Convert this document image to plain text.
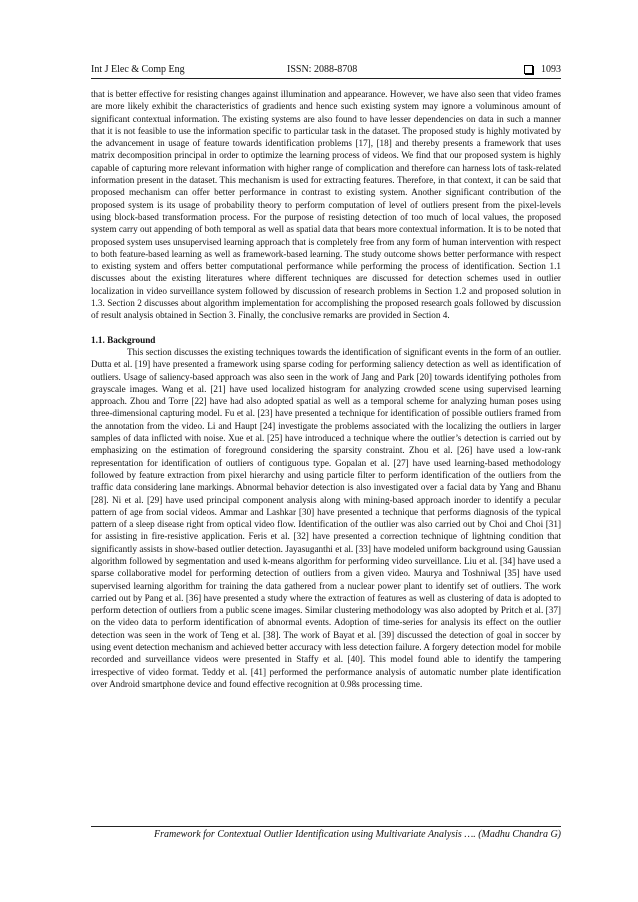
Int J Elec & Comp Eng	ISSN: 2088-8708	1093

that is better effective for resisting changes against illumination and appearance. However, we have also seen that video frames are more likely exhibit the characteristics of gradients and hence such existing system may ignore a voluminous amount of significant contextual information. The existing systems are also found to have lesser dependencies on data in such a manner that it is not feasible to use the information specific to particular task in the dataset. The proposed study is highly motivated by the advancement in usage of feature towards identification problems [17], [18] and thereby presents a framework that uses matrix decomposition principal in order to optimize the learning process of videos. We find that our proposed system is highly capable of capturing more relevant information with higher range of complication and therefore can harness lots of task-related information present in the dataset. This mechanism is used for extracting features. Therefore, in that context, it can be said that proposed mechanism can offer better performance in contrast to existing system. Another significant contribution of the proposed system is its usage of probability theory to perform computation of level of outliers present from the pixel-levels using block-based transformation process. For the purpose of resisting detection of too much of local values, the proposed system carry out appending of both temporal as well as spatial data that bears more contextual information. It is to be noted that proposed system uses unsupervised learning approach that is completely free from any form of human intervention with respect to both feature-based learning as well as framework-based learning. The study outcome shows better performance with respect to existing system and offers better computational performance while performing the process of identification. Section 1.1 discusses about the existing literatures where different techniques are discussed for detection schemes used in outlier localization in video surveillance system followed by discussion of research problems in Section 1.2 and proposed solution in 1.3. Section 2 discusses about algorithm implementation for accomplishing the proposed research goals followed by discussion of result analysis obtained in Section 3. Finally, the conclusive remarks are provided in Section 4.

1.1. Background

This section discusses the existing techniques towards the identification of significant events in the form of an outlier. Dutta et al. [19] have presented a framework using sparse coding for performing saliency detection as well as identification of outliers. Usage of saliency-based approach was also seen in the work of Jang and Park [20] towards identifying potholes from grayscale images. Wang et al. [21] have used localized histogram for analyzing crowded scene using supervised learning approach. Zhou and Torre [22] have had also adopted spatial as well as a temporal scheme for analyzing human poses using three-dimensional capturing model. Fu et al. [23] have presented a technique for identification of possible outliers framed from the annotation from the video. Li and Haupt [24] investigate the problems associated with the localizing the outliers in larger samples of data inflicted with noise. Xue et al. [25] have introduced a technique where the outlier’s detection is carried out by emphasizing on the estimation of foreground considering the sparsity constraint. Zhou et al. [26] have used a low-rank representation for identification of outliers of contiguous type. Gopalan et al. [27] have used learning-based methodology followed by feature extraction from pixel hierarchy and using particle filter to perform identification of the outliers from the traffic data considering lane markings. Abnormal behavior detection is also investigated over a facial data by Yang and Bhanu [28]. Ni et al. [29] have used principal component analysis along with mining-based approach inorder to identify a pecular pattern of age from social videos. Ammar and Lashkar [30] have presented a technique that performs diagnosis of the typical pattern of a sleep disease right from optical video flow. Identification of the outlier was also carried out by Choi and Choi [31] for assisting in fire-resistive application. Feris et al. [32] have presented a correction technique of lightning condition that significantly assists in show-based outlier detection. Jayasuganthi et al. [33] have modeled uniform background using Gaussian algorithm followed by segmentation and used k-means algorithm for performing video surveillance. Liu et al. [34] have used a sparse collaborative model for performing detection of outliers from a given video. Maurya and Toshniwal [35] have used supervised learning algorithm for training the data gathered from a nuclear power plant to identify set of outliers. The work carried out by Pang et al. [36] have presented a study where the extraction of features as well as clustering of data is adopted to perform detection of outliers from a public scene images. Similar clustering methodology was also adopted by Pritch et al. [37] on the video data to perform identification of abnormal events. Adoption of time-series for analysis its effect on the outlier detection was seen in the work of Teng et al. [38]. The work of Bayat et al. [39] discussed the detection of goal in soccer by using event detection mechanism and achieved better accuracy with less detection failure. A forgery detection model for mobile recorded and surveillance videos were presented in Staffy et al. [40]. This model found able to identify the tampering irrespective of video format. Teddy et al. [41] performed the performance analysis of automatic number plate identification over Android smartphone device and found effective recognition at 0.98s processing time.

Framework for Contextual Outlier Identification using Multivariate Analysis …. (Madhu Chandra G)
